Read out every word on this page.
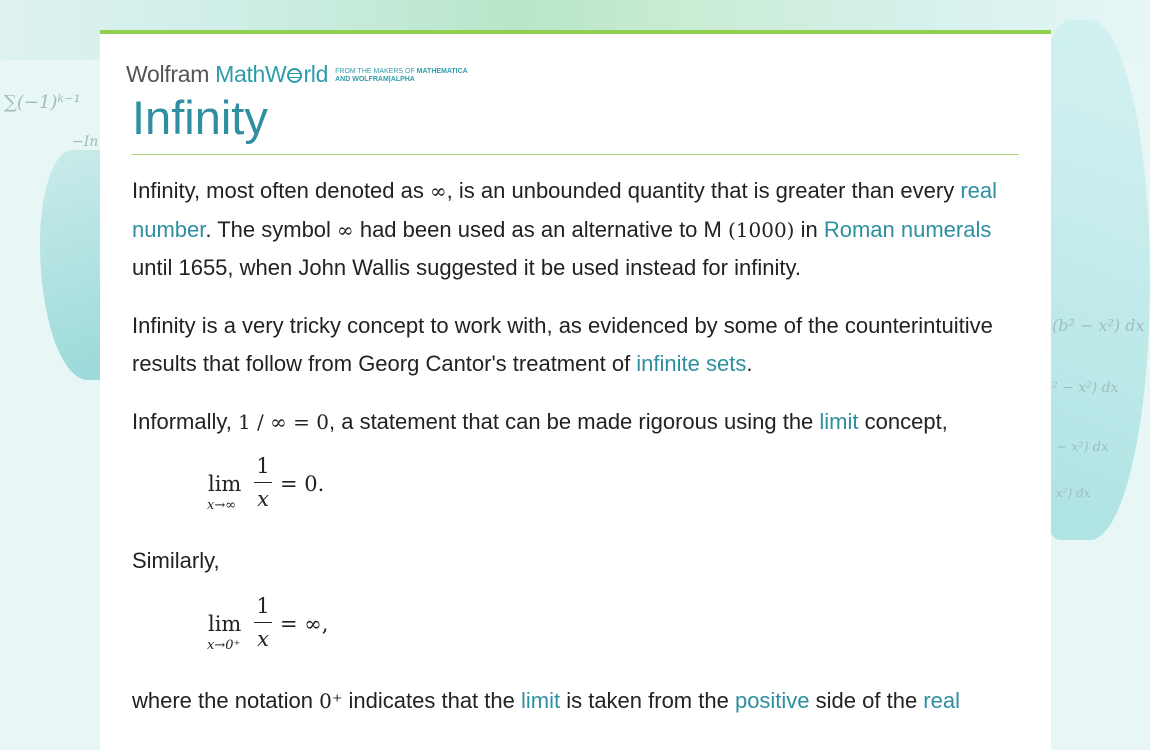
∑(−1)ᵏ⁻¹
−In
(b² − x²) dx
² − x²) dx
− x²) dx
x²) dx
Wolfram MathW rld FROM THE MAKERS OF MATHEMATICA
AND WOLFRAM|ALPHA
Infinity

Infinity, most often denoted as ∞, is an unbounded quantity that is greater than every real number. The symbol ∞ had been used as an alternative to M (1000) in Roman numerals until 1655, when John Wallis suggested it be used instead for infinity.

Infinity is a very tricky concept to work with, as evidenced by some of the counterintuitive results that follow from Georg Cantor's treatment of infinite sets.

Informally, 1 / ∞ = 0, a statement that can be made rigorous using the limit concept,

lim
x→∞
1
x
= 0.

Similarly,

lim
x→0⁺
1
x
= ∞,

where the notation 0⁺ indicates that the limit is taken from the positive side of the real
